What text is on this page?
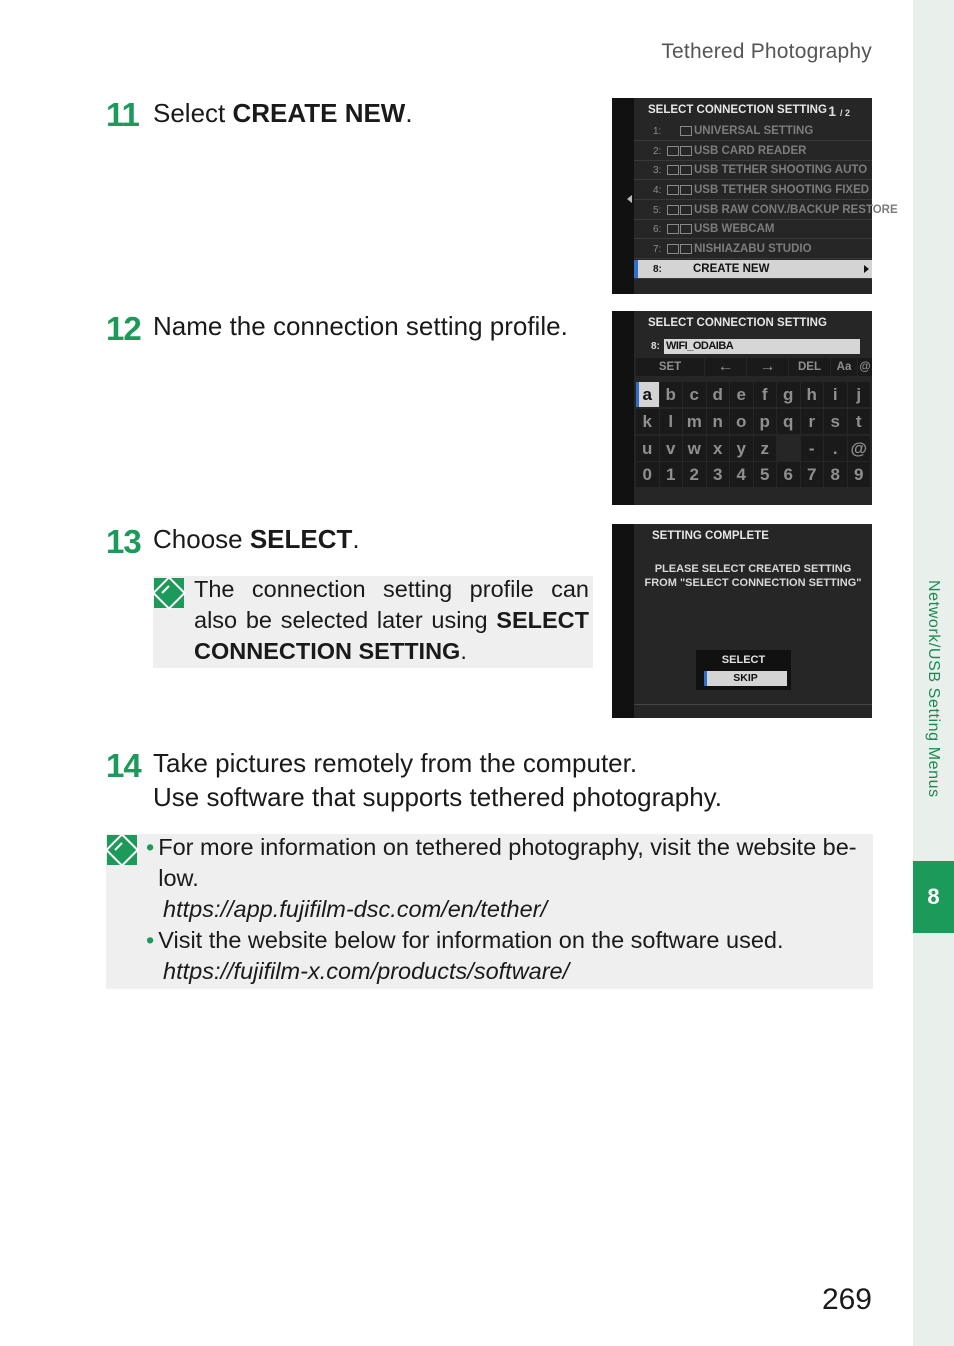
Tethered Photography
Network/USB Setting Menus
8
11 Select CREATE NEW.	SELECT CONNECTION SETTING 1 / 2
1:	UNIVERSAL SETTING
2:	USB CARD READER
3:	USB TETHER SHOOTING AUTO
4:	USB TETHER SHOOTING FIXED
5:	USB RAW CONV./BACKUP RESTORE
6:	USB WEBCAM
7:	NISHIAZABU STUDIO
8:	CREATE NEW
12 Name the connection setting profile.	SELECT CONNECTION SETTING
8: WIFI_ODAIBA
SET	←	→	DEL	Aa @
a b c d e f g h i	j
k l m n o p q r s t
u v w x y z	-	. @
0 1 2 3 4 5 6 7 8 9
13 Choose SELECT.
The connection setting profile can also be selected later using SELECT CONNECTION SETTING.
SETTING COMPLETE
PLEASE SELECT CREATED SETTING
FROM "SELECT CONNECTION SETTING"
SELECT
SKIP
14 Take pictures remotely from the computer.
Use software that supports tethered photography.
• For more information on tethered photography, visit the website be-low.
https://app.fujifilm-dsc.com/en/tether/
• Visit the website below for information on the software used.
https://fujifilm-x.com/products/software/
269
